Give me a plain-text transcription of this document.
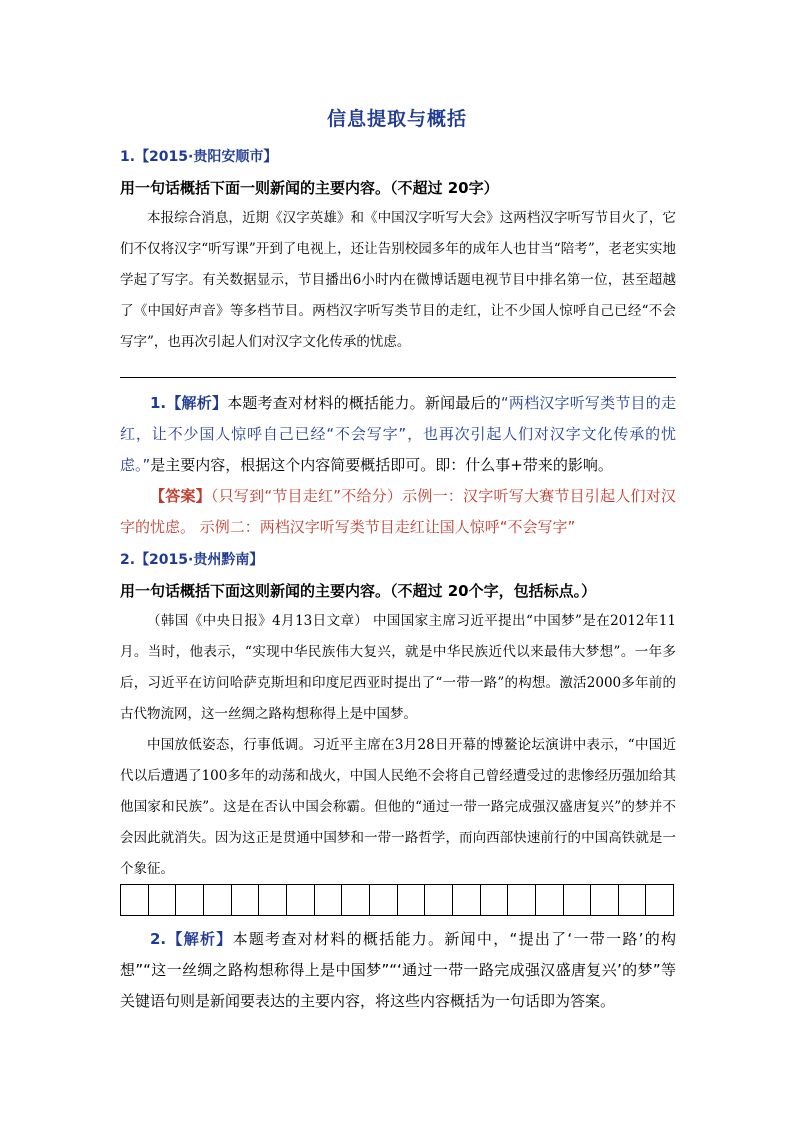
信息提取与概括
1.【2015·贵阳安顺市】
用一句话概括下面一则新闻的主要内容。（不超过 20字）

本报综合消息，近期《汉字英雄》和《中国汉字听写大会》这两档汉字听写节目火了，它们不仅将汉字“听写课”开到了电视上，还让告别校园多年的成年人也甘当“陪考”，老老实实地学起了写字。有关数据显示，节目播出6小时内在微博话题电视节目中排名第一位，甚至超越了《中国好声音》等多档节目。两档汉字听写类节目的走红，让不少国人惊呼自己已经“不会写字”，也再次引起人们对汉字文化传承的忧虑。

1.【解析】本题考查对材料的概括能力。新闻最后的“两档汉字听写类节目的走红，让不少国人惊呼自己已经“不会写字”，也再次引起人们对汉字文化传承的忧虑。”是主要内容，根据这个内容简要概括即可。即：什么事+带来的影响。

【答案】（只写到“节目走红”不给分）示例一：汉字听写大赛节目引起人们对汉字的忧虑。 示例二：两档汉字听写类节目走红让国人惊呼“不会写字”

2.【2015·贵州黔南】
用一句话概括下面这则新闻的主要内容。（不超过 20个字，包括标点。）

（韩国《中央日报》4月13日文章） 中国国家主席习近平提出“中国梦”是在2012年11月。当时，他表示，“实现中华民族伟大复兴，就是中华民族近代以来最伟大梦想”。一年多后，习近平在访问哈萨克斯坦和印度尼西亚时提出了“一带一路”的构想。激活2000多年前的古代物流网，这一丝绸之路构想称得上是中国梦。

中国放低姿态，行事低调。习近平主席在3月28日开幕的博鳌论坛演讲中表示，“中国近代以后遭遇了100多年的动荡和战火，中国人民绝不会将自己曾经遭受过的悲惨经历强加给其他国家和民族”。这是在否认中国会称霸。但他的“通过一带一路完成强汉盛唐复兴”的梦并不会因此就消失。因为这正是贯通中国梦和一带一路哲学，而向西部快速前行的中国高铁就是一个象征。

2.【解析】本题考查对材料的概括能力。新闻中，“提出了‘一带一路’的构想”“这一丝绸之路构想称得上是中国梦”“‘通过一带一路完成强汉盛唐复兴’的梦”等关键语句则是新闻要表达的主要内容，将这些内容概括为一句话即为答案。
